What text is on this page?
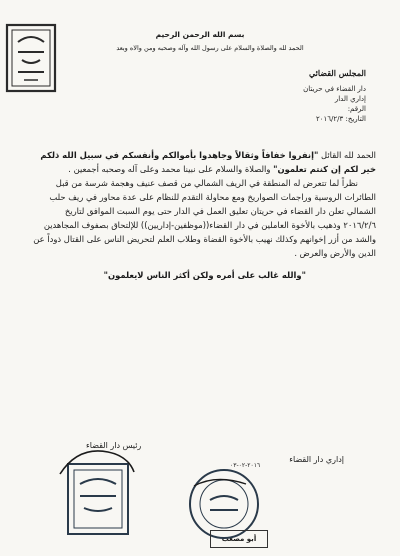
بسم الله الرحمن الرحيم
الحمد لله والصلاة والسلام على رسول الله وآله وصحبه ومن والاه وبعد
المجلس القضائي
دار القضاء في حريتان
إداري الدار
الرقم:
التاريخ: ٢٠١٦/٢/٣

الحمد لله القائل "إنفروا خفافاً وثقالاً وجاهدوا بأموالكم وأنفسكم في سبيل الله ذلكم خير لكم إن كنتم تعلمون" والصلاة والسلام على نبينا محمد وعلى آله وصحبه أجمعين .

نظراً لما تتعرض له المنطقة في الريف الشمالي من قصف عنيف وهجمة شرسة من قبل الطائرات الروسية وراجمات الصواريخ ومع محاولة التقدم للنظام على عدة محاور في ريف حلب الشمالي تعلن دار القضاء في حريتان تعليق العمل في الدار حتى يوم السبت الموافق لتاريخ ٢٠١٦/٢/٦ وذهيب بالأخوة العاملين في دار القضاء((موظفين-إداريين)) للإلتحاق بصفوف المجاهدين والشد من أزر إخوانهم وكذلك نهيب بالأخوة القضاة وطلاب العلم لتحريض الناس على القتال ذوداً عن الدين والأرض والعرض .

"والله غالب على أمره ولكن أكثر الناس لايعلمون"

رئيس دار القضاء
إداري دار القضاء
٢٠١٦-٠٢-٠٣
أبو مصعب
